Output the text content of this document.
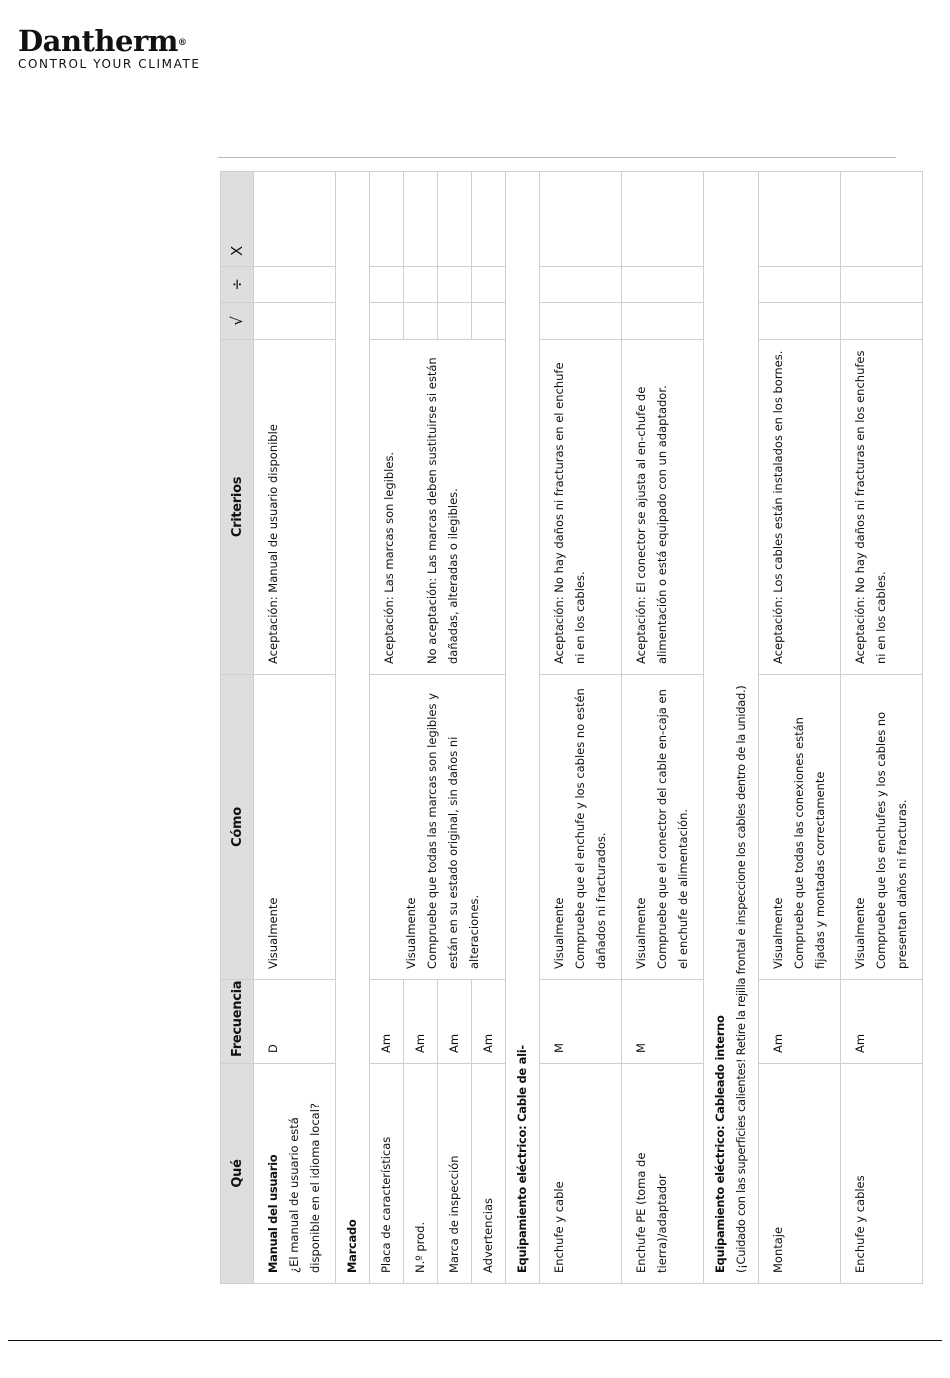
Dantherm®
CONTROL YOUR CLIMATE
Qué	Frecuencia	Cómo	Criterios	√	÷	X
Manual del usuario ¿El manual de usuario está disponible en el idioma local?	D	Visualmente	Aceptación: Manual de usuario disponible			
Marcado						
Placa de características	Am	Visualmente Compruebe que todas las marcas son legibles y están en su estado original, sin daños ni alteraciones.	Aceptación: Las marcas son legibles. No aceptación: Las marcas deben sustituirse si están dañadas, alteradas o ilegibles.			
N.º prod.	Am					
Marca de inspección	Am					
Advertencias	Am					
Equipamiento eléctrico: Cable de ali-						
Enchufe y cable	M	Visualmente Compruebe que el enchufe y los cables no estén dañados ni fracturados.	Aceptación: No hay daños ni fracturas en el enchufe ni en los cables.			
Enchufe PE (toma de tierra)/adaptador	M	Visualmente Compruebe que el conector del cable en-caja en el enchufe de alimentación.	Aceptación: El conector se ajusta al en-chufe de alimentación o está equipado con un adaptador.			
Equipamiento eléctrico: Cableado interno (¡Cuidado con las superficies calientes! Retire la rejilla frontal e inspeccione los cables dentro de la unidad.)						

Montaje	Am	Visualmente Compruebe que todas las conexiones están fijadas y montadas correctamente	Aceptación: Los cables están instalados en los bornes.			
Enchufe y cables	Am	Visualmente Compruebe que los enchufes y los cables no presentan daños ni fracturas.	Aceptación: No hay daños ni fracturas en los enchufes ni en los cables.			
